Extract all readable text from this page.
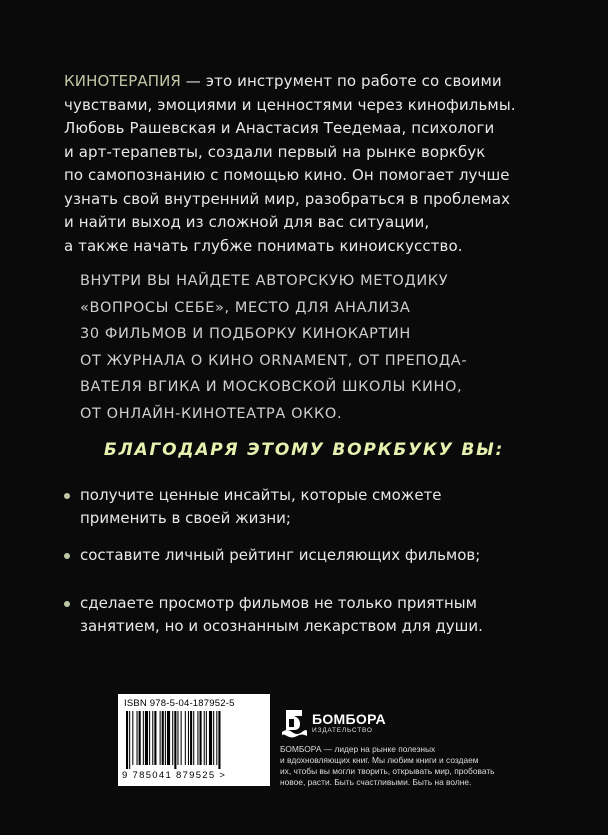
КИНОТЕРАПИЯ — это инструмент по работе со своими
чувствами, эмоциями и ценностями через кинофильмы.
Любовь Рашевская и Анастасия Теедемаа, психологи
и арт-терапевты, создали первый на рынке воркбук
по самопознанию с помощью кино. Он помогает лучше
узнать свой внутренний мир, разобраться в проблемах
и найти выход из сложной для вас ситуации,
а также начать глубже понимать киноискусство.
ВНУТРИ ВЫ НАЙДЕТЕ АВТОРСКУЮ МЕТОДИКУ
«ВОПРОСЫ СЕБЕ», МЕСТО ДЛЯ АНАЛИЗА
30 ФИЛЬМОВ И ПОДБОРКУ КИНОКАРТИН
ОТ ЖУРНАЛА О КИНО ORNAMENT, ОТ ПРЕПОДА-
ВАТЕЛЯ ВГИКА И МОСКОВСКОЙ ШКОЛЫ КИНО,
ОТ ОНЛАЙН-КИНОТЕАТРА ОККО.
БЛАГОДАРЯ ЭТОМУ ВОРКБУКУ ВЫ:
получите ценные инсайты, которые сможете
применить в своей жизни;
составите личный рейтинг исцеляющих фильмов;
сделаете просмотр фильмов не только приятным
занятием, но и осознанным лекарством для души.
ISBN 978-5-04-187952-5
9 785041 879525 >
БОМБОРА
ИЗДАТЕЛЬСТВО
БОМБОРА — лидер на рынке полезных
и вдохновляющих книг. Мы любим книги и создаем
их, чтобы вы могли творить, открывать мир, пробовать
новое, расти. Быть счастливыми. Быть на волне.
